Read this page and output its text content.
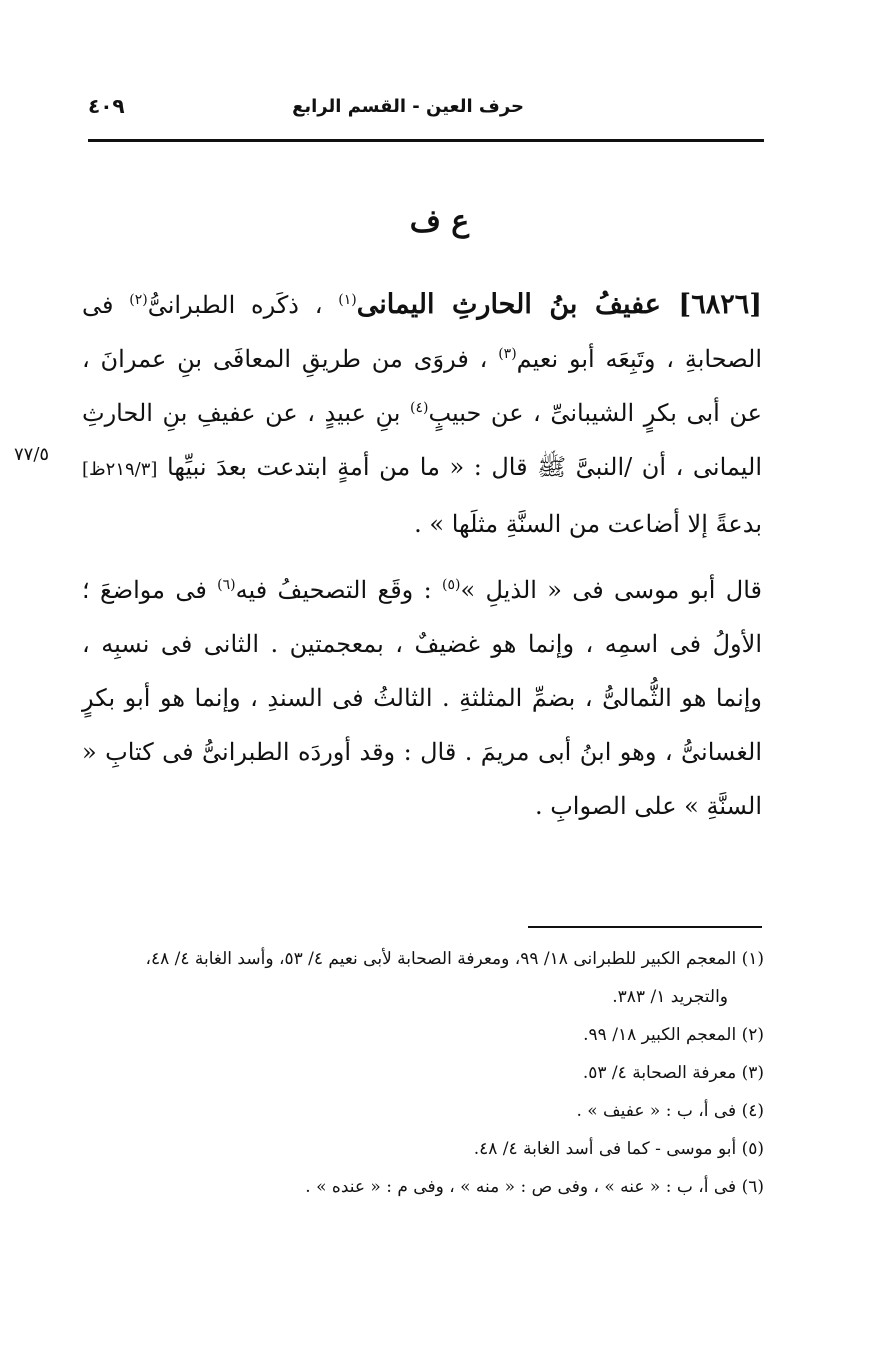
حرف العين - القسم الرابع
٤٠٩
ع ف
٧٧/٥

[٦٨٢٦] عفيفُ بنُ الحارثِ اليمانى$^{(١)}$ ، ذكَره الطبرانىُّ$^{(٢)}$ فى الصحابةِ ، وتَبِعَه أبو نعيم$^{(٣)}$ ، فروَى من طريقِ المعافَى بنِ عمرانَ ، عن أبى بكرٍ الشيبانىِّ ، عن حبيبٍ$^{(٤)}$ بنِ عبيدٍ ، عن عفيفِ بنِ الحارثِ اليمانى ، أن /النبىَّ ﷺ قال : « ما من أمةٍ ابتدعت بعدَ نبيِّها [٢١٩/٣ظ] بدعةً إلا أضاعت من السنَّةِ مثلَها » .

قال أبو موسى فى « الذيلِ »$^{(٥)}$ : وقَع التصحيفُ فيه$^{(٦)}$ فى مواضعَ ؛ الأولُ فى اسمِه ، وإنما هو غضيفٌ ، بمعجمتين . الثانى فى نسبِه ، وإنما هو الثُّمالىُّ ، بضمِّ المثلثةِ . الثالثُ فى السندِ ، وإنما هو أبو بكرٍ الغسانىُّ ، وهو ابنُ أبى مريمَ . قال : وقد أوردَه الطبرانىُّ فى كتابِ « السنَّةِ » على الصوابِ .

(١) المعجم الكبير للطبرانى ١٨/ ٩٩، ومعرفة الصحابة لأبى نعيم ٤/ ٥٣، وأسد الغابة ٤/ ٤٨،

والتجريد ١/ ٣٨٣.

(٢) المعجم الكبير ١٨/ ٩٩.

(٣) معرفة الصحابة ٤/ ٥٣.

(٤) فى أ، ب : « عفيف » .

(٥) أبو موسى - كما فى أسد الغابة ٤/ ٤٨.

(٦) فى أ، ب : « عنه » ، وفى ص : « منه » ، وفى م : « عنده » .
